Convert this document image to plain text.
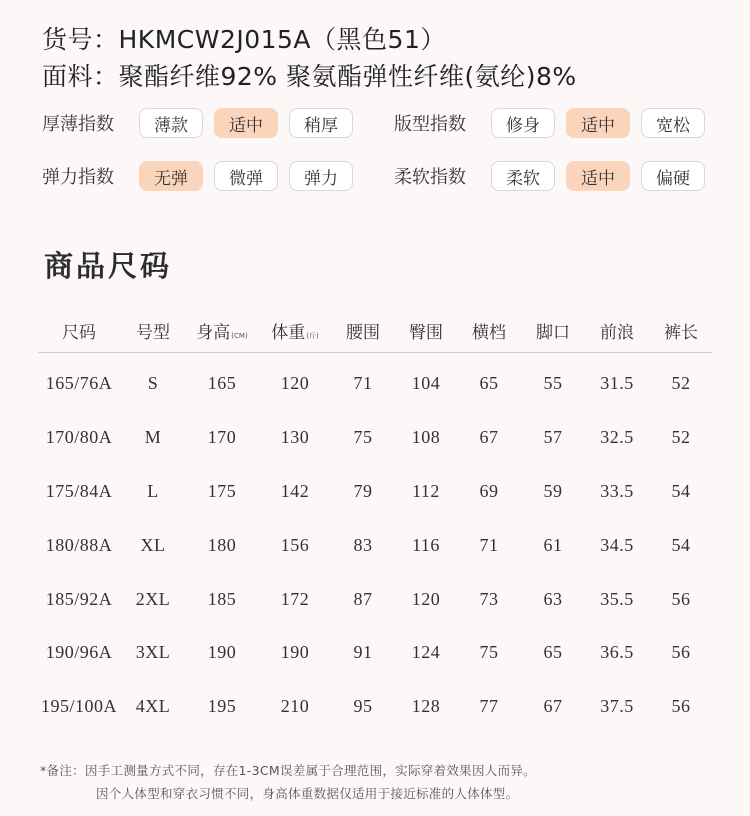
货号：HKMCW2J015A（黑色51）

面料：聚酯纤维92% 聚氨酯弹性纤维(氨纶)8%

厚薄指数	薄款	适中	稍厚	版型指数	修身	适中	宽松
弹力指数	无弹	微弹	弹力	柔软指数	柔软	适中	偏硬
商品尺码
尺码 号型 身高(CM) 体重(斤) 腰围 臀围 横档 脚口 前浪 裤长
165/76A S	165 120 71 104 65	55 31.5 52
170/80A M	170 130 75 108 67	57 32.5 52
175/84A L	175 142 79 112 69	59 33.5 54
180/88A XL 180 156 83 116 71	61 34.5 54
185/92A 2XL 185 172 87 120 73	63 35.5 56
190/96A 3XL 190 190 91 124 75	65 36.5 56
195/100A 4XL 195 210 95 128 77	67 37.5 56

*备注：因手工测量方式不同，存在1-3CM误差属于合理范围，实际穿着效果因人而异。

因个人体型和穿衣习惯不同，身高体重数据仅适用于接近标准的人体体型。
